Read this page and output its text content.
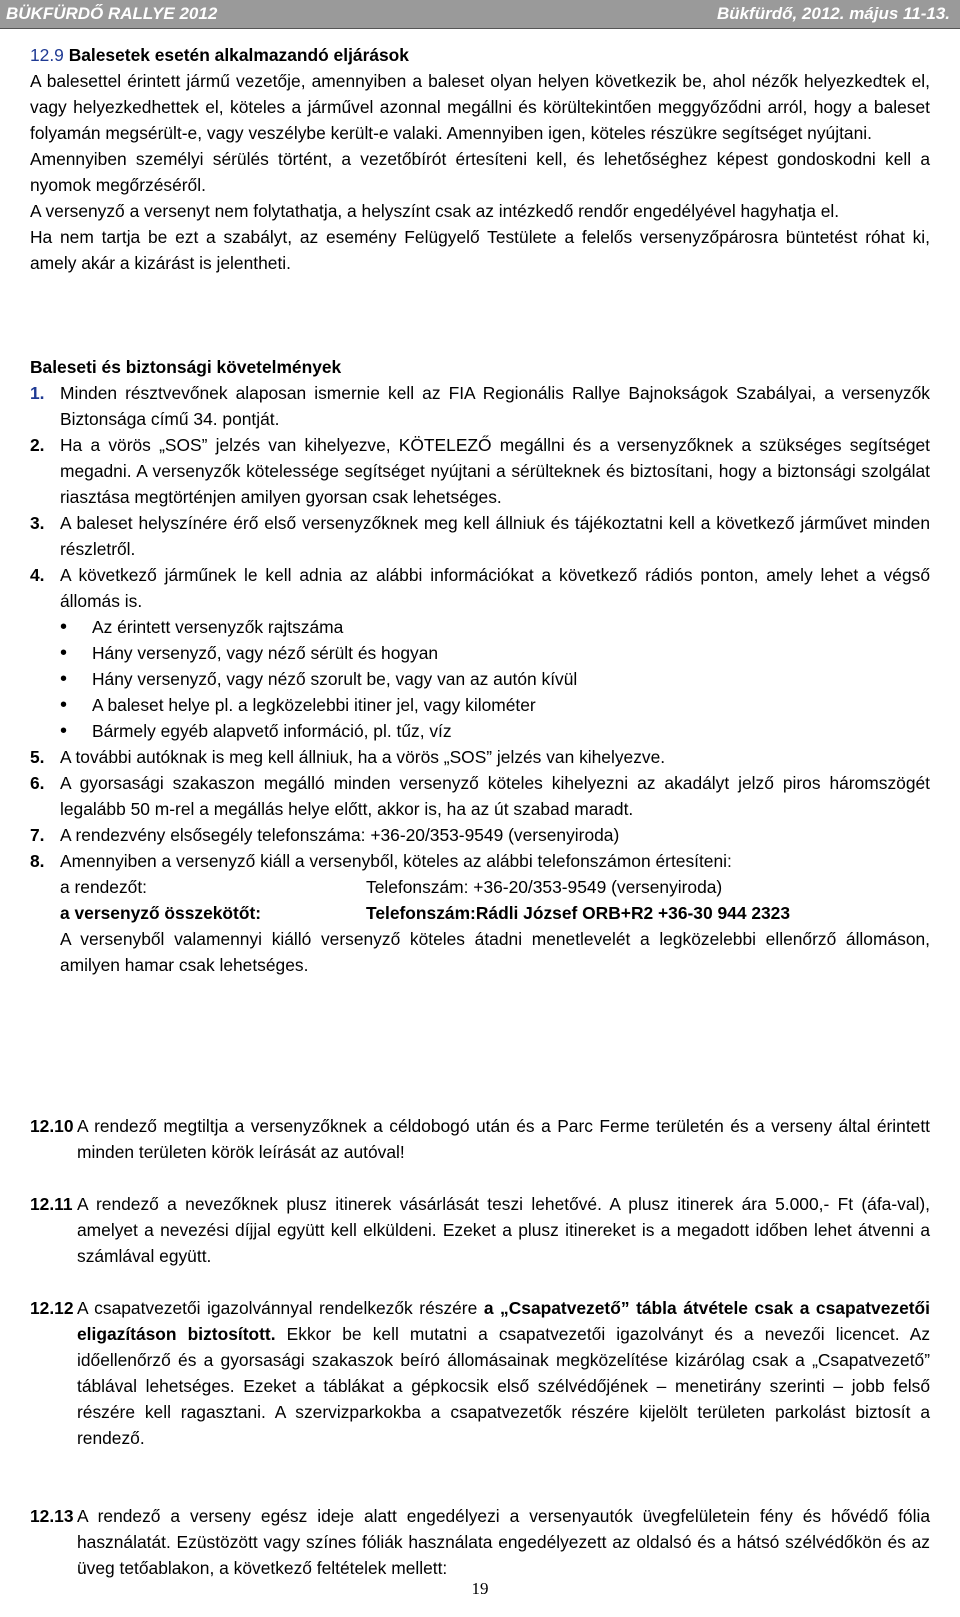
BÜKFÜRDŐ RALLYE 2012	Bükfürdő, 2012. május 11-13.

12.9 Balesetek esetén alkalmazandó eljárások

A balesettel érintett jármű vezetője, amennyiben a baleset olyan helyen következik be, ahol nézők helyezkedtek el, vagy helyezkedhettek el, köteles a járművel azonnal megállni és körültekintően meggyőződni arról, hogy a baleset folyamán megsérült-e, vagy veszélybe került-e valaki. Amennyiben igen, köteles részükre segítséget nyújtani.

Amennyiben személyi sérülés történt, a vezetőbírót értesíteni kell, és lehetőséghez képest gondoskodni kell a nyomok megőrzéséről.

A versenyző a versenyt nem folytathatja, a helyszínt csak az intézkedő rendőr engedélyével hagyhatja el.

Ha nem tartja be ezt a szabályt, az esemény Felügyelő Testülete a felelős versenyzőpárosra büntetést róhat ki, amely akár a kizárást is jelentheti.

Baleseti és biztonsági követelmények

1. Minden résztvevőnek alaposan ismernie kell az FIA Regionális Rallye Bajnokságok Szabályai, a versenyzők Biztonsága című 34. pontját.
2. Ha a vörös „SOS” jelzés van kihelyezve, KÖTELEZŐ megállni és a versenyzőknek a szükséges segítséget megadni. A versenyzők kötelessége segítséget nyújtani a sérülteknek és biztosítani, hogy a biztonsági szolgálat riasztása megtörténjen amilyen gyorsan csak lehetséges.
3. A baleset helyszínére érő első versenyzőknek meg kell állniuk és tájékoztatni kell a következő járművet minden részletről.
4. A következő járműnek le kell adnia az alábbi információkat a következő rádiós ponton, amely lehet a végső állomás is.
• Az érintett versenyzők rajtszáma
• Hány versenyző, vagy néző sérült és hogyan
• Hány versenyző, vagy néző szorult be, vagy van az autón kívül
• A baleset helye pl. a legközelebbi itiner jel, vagy kilométer
• Bármely egyéb alapvető információ, pl. tűz, víz
5. A további autóknak is meg kell állniuk, ha a vörös „SOS” jelzés van kihelyezve.
6. A gyorsasági szakaszon megálló minden versenyző köteles kihelyezni az akadályt jelző piros háromszögét legalább 50 m-rel a megállás helye előtt, akkor is, ha az út szabad maradt.
7. A rendezvény elsősegély telefonszáma: +36-20/353-9549 (versenyiroda)
8. Amennyiben a versenyző kiáll a versenyből, köteles az alábbi telefonszámon értesíteni:
a rendezőt:	Telefonszám: +36-20/353-9549 (versenyiroda)
a versenyző összekötőt:	Telefonszám:Rádli József ORB+R2 +36-30 944 2323

A versenyből valamennyi kiálló versenyző köteles átadni menetlevelét a legközelebbi ellenőrző állomáson, amilyen hamar csak lehetséges.

12.10 A rendező megtiltja a versenyzőknek a céldobogó után és a Parc Ferme területén és a verseny által érintett minden területen körök leírását az autóval!
12.11 A rendező a nevezőknek plusz itinerek vásárlását teszi lehetővé. A plusz itinerek ára 5.000,- Ft (áfa-val), amelyet a nevezési díjjal együtt kell elküldeni. Ezeket a plusz itinereket is a megadott időben lehet átvenni a számlával együtt.
12.12 A csapatvezetői igazolvánnyal rendelkezők részére a „Csapatvezető” tábla átvétele csak a csapatvezetői eligazításon biztosított. Ekkor be kell mutatni a csapatvezetői igazolványt és a nevezői licencet. Az időellenőrző és a gyorsasági szakaszok beíró állomásainak megközelítése kizárólag csak a „Csapatvezető” táblával lehetséges. Ezeket a táblákat a gépkocsik első szélvédőjének – menetirány szerinti – jobb felső részére kell ragasztani. A szervizparkokba a csapatvezetők részére kijelölt területen parkolást biztosít a rendező.
12.13 A rendező a verseny egész ideje alatt engedélyezi a versenyautók üvegfelületein fény és hővédő fólia használatát. Ezüstözött vagy színes fóliák használata engedélyezett az oldalsó és a hátsó szélvédőkön és az üveg tetőablakon, a következő feltételek mellett:
19
